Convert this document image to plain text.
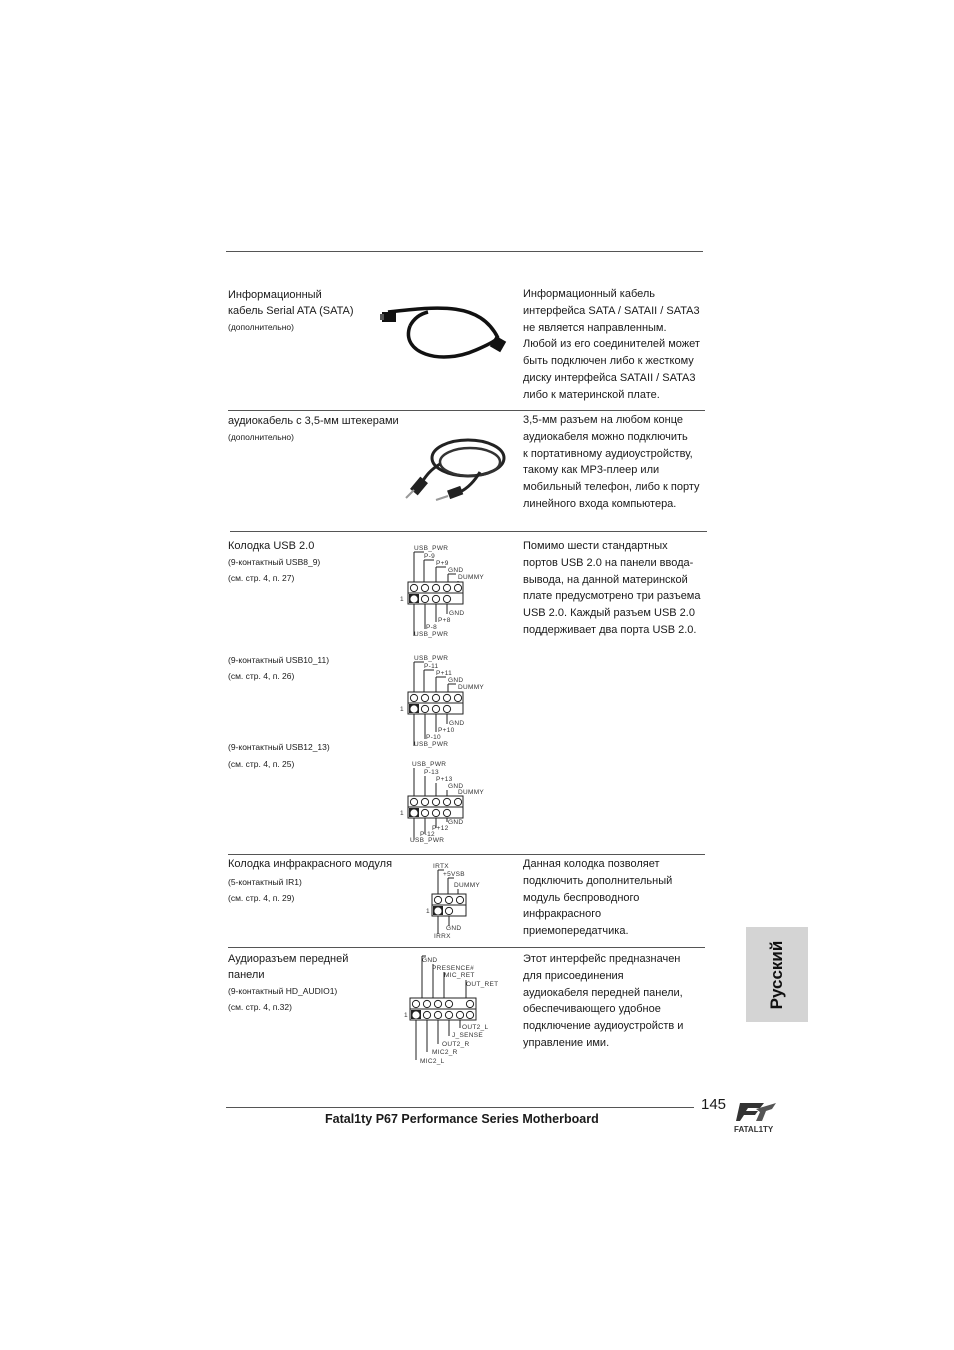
Информационный
кабель Serial ATA (SATA)
(дополнительно)
Информационный кабель
интерфейса SATA / SATAII / SATA3
не является направленным.
Любой из его соединителей может
быть подключен либо к жесткому
диску интерфейса SATAII / SATA3
либо к материнской плате.
аудиокабель с 3,5-мм штекерами
(дополнительно)
3,5-мм разъем на любом конце
аудиокабеля можно подключить
к портативному аудиоустройству,
такому как MP3-плеер или
мобильный телефон, либо к порту
линейного входа компьютера.
Колодка USB 2.0
(9-контактный USB8_9)
(см. стр. 4, п. 27)
Помимо шести стандартных
портов USB 2.0 на панели ввода-
вывода, на данной материнской
плате предусмотрено три разъема
USB 2.0. Каждый разъем USB 2.0
поддерживает два порта USB 2.0.
(9-контактный USB10_11)
(см. стр. 4, п. 26)
(9-контактный USB12_13)
(см. стр. 4, п. 25)
USB_PWR
P-9
P+9
GND
DUMMY
1
GND
P+8
P-8
USB_PWR
USB_PWR
P-11
P+11
GND
DUMMY
1
GND
P+10
P-10
USB_PWR
USB_PWR
P-13
P+13
GND
DUMMY
1
GND
P+12
P-12
USB_PWR
Колодка инфракрасного модуля
(5-контактный IR1)
(см. стр. 4, п. 29)
IRTX
+5VSB
DUMMY
1
GND
IRRX
Данная колодка позволяет
подключить дополнительный
модуль беспроводного
инфракрасного
приемопередатчика.
Аудиоразъем передней
панели
(9-контактный HD_AUDIO1)
(см. стр. 4, п.32)
GND
PRESENCE#
MIC_RET
OUT_RET
1
OUT2_L
J_SENSE
OUT2_R
MIC2_R
MIC2_L
Этот интерфейс предназначен
для присоединения
аудиокабеля передней панели,
обеспечивающего удобное
подключение аудиоустройств и
управление ими.
Русский
145
Fatal1ty P67 Performance Series Motherboard
FATAL1TY
